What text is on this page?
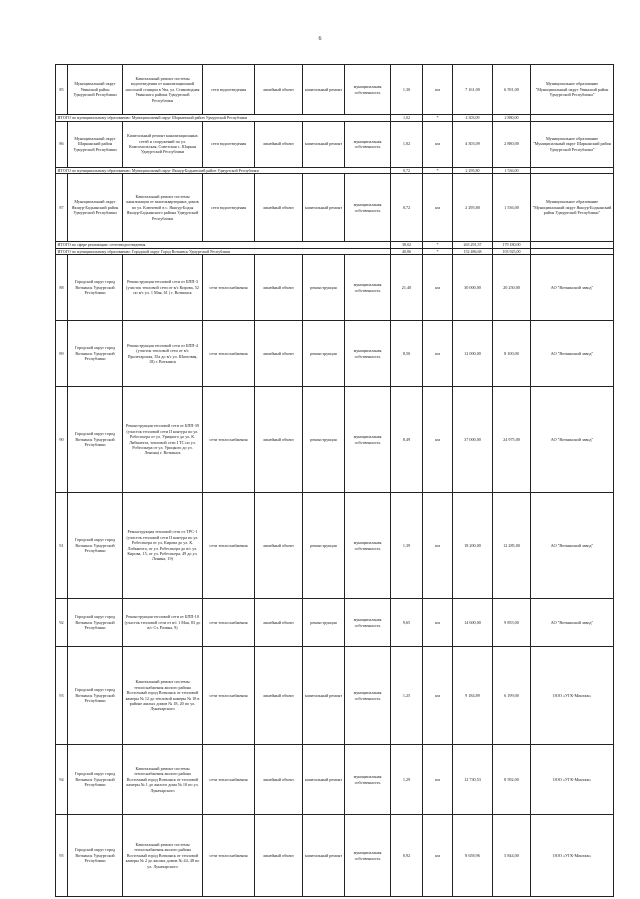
6
85	Муниципальный округ Увинский район Удмуртской Республики	Капитальный ремонт системы водоотведения от канализационной насосной станции в Ува, ул. Стиноводная Увинского района Удмуртской Республики	сети водоотведения	линейный объект	капитальный ремонт	муниципальная собственность	1,30	км	7 161,00	6 591,00	Муниципальное образование "Муниципальный округ Увинский район Удмуртской Республики"
ИТОГО по муниципальному образованию: Муниципальный округ Шарканский район Удмуртской Республики							1,02	*	4 303,09	2 880,00	
86	Муниципальный округ Шарканский район Удмуртской Республики	Капитальный ремонт канализационных сетей и сооружений по ул. Комсомольская, Советская с. Шаркан Удмуртской Республики	сети водоотведения	линейный объект	капитальный ремонт	муниципальная собственность	1,02	км	4 303,09	2 880,00	Муниципальное образование "Муниципальный округ Шарканский район Удмуртской Республики"
ИТОГО по муниципальному образованию: Муниципальный округ Якшур-Бодьинский район Удмуртской Республики							0,72	*	2 295,80	1 536,00	
87	Муниципальный округ Якшур-Бодьинский район Удмуртской Республики	Капитальный ремонт системы канализации от многоквартирных домов по ул. Ключевой в с. Якшур-Бодья Якшур-Бодьинского района Удмуртской Республики	сети водоотведения	линейный объект	капитальный ремонт	муниципальная собственность	0,72	км	2 295,80	1 536,00	Муниципальное образование "Муниципальный округ Якшур-Бодьинский район Удмуртской Республики"
ИТОГО по сфере реализации: сетеотводоотведения							38,02	*	263 291,37	179 180,00	
ИТОГО по муниципальному образованию: Городской округ Город Воткинск Удмуртской Республики							40,86	*	152 486,68	103 925,00	
88	Городской округ город Воткинск Удмуртской Республики	Реконструкция тепловой сети от БПП-3 (участок тепловой сети от в/с Кирова, 52 по в/с ул. 1 Мая, 61 ) г. Воткинск	сети теплоснабжения	линейный объект	реконструкция	муниципальная собственность	21,40	км	30 000,00	20 250,00	АО "Воткинский завод"
89	Городской округ город Воткинск Удмуртской Республики	Реконструкция тепловой сети от БПП-4 (участок тепловой сети от в/с Пролетарская, 35а до в/с ул. Шахтовая, 18) г. Воткинск	сети теплоснабжения	линейный объект	реконструкция	муниципальная собственность	8,50	км	12 000,00	8 100,00	АО "Воткинский завод"
90	Городской округ город Воткинск Удмуртской Республики	Реконструкция тепловой сети от БПП-39 (участок тепловой сети II контура по ул. Робеспьера от ул. Урицкого до ул. К. Либкнехта, тепловой сети I ТС по ул. Робеспьера от ул. Урицкого до ул. Ленина) г. Воткинск	сети теплоснабжения	линейный объект	реконструкция	муниципальная собственность	8,49	км	37 000,00	24 975,00	АО "Воткинский завод"
91	Городской округ город Воткинск Удмуртской Республики	Реконструкция тепловой сети от ТРС-1 (участок тепловой сети II контура по ул. Робеспьера от ул. Кирова до ул. К. Либкнехта, от ул. Робеспьера до в/с ул. Кирова, 15, от ул. Робеспьера, 49 до ул. Ленина, 19)	сети теплоснабжения	линейный объект	реконструкция	муниципальная собственность	1,39	км	18 200,00	12 285,00	АО "Воткинский завод"
92	Городской округ город Воткинск Удмуртской Республики	Реконструкция тепловой сети от БПП-10 (участок тепловой сети от в/с 1 Мая, 83 до в/с Ст. Разина, 9)	сети теплоснабжения	линейный объект	реконструкция	муниципальная собственность	9,65	км	14 600,00	9 855,00	АО "Воткинский завод"
93	Городской округ город Воткинск Удмуртской Республики	Капитальный ремонт системы теплоснабжения жилого района Восточный город Воткинск от тепловой камеры № 12 до тепловой камеры № 18 в районе жилых домов № 18, 20 по ул. Луначарского	сети теплоснабжения	линейный объект	капитальный ремонт	муниципальная собственность	1,25	км	9 184,89	6 199,00	ООО «УГК-Монтаж»
94	Городской округ город Воткинск Удмуртской Республики	Капитальный ремонт системы теплоснабжения жилого района Восточный город Воткинск от тепловой камеры № 1 до жилого дома № 10 по ул. Луначарского	сети теплоснабжения	линейный объект	капитальный ремонт	муниципальная собственность	1,29	км	12 730,53	8 592,00	ООО «УГК-Монтаж»
95	Городской округ город Воткинск Удмуртской Республики	Капитальный ремонт системы теплоснабжения жилого района Восточный город Воткинск от тепловой камеры № 2 до жилых домов № 44, 48 по ул. Луначарского	сети теплоснабжения	линейный объект	капитальный ремонт	муниципальная собственность	0,92	км	8 658,96	5 844,00	ООО «УГК-Монтаж»
